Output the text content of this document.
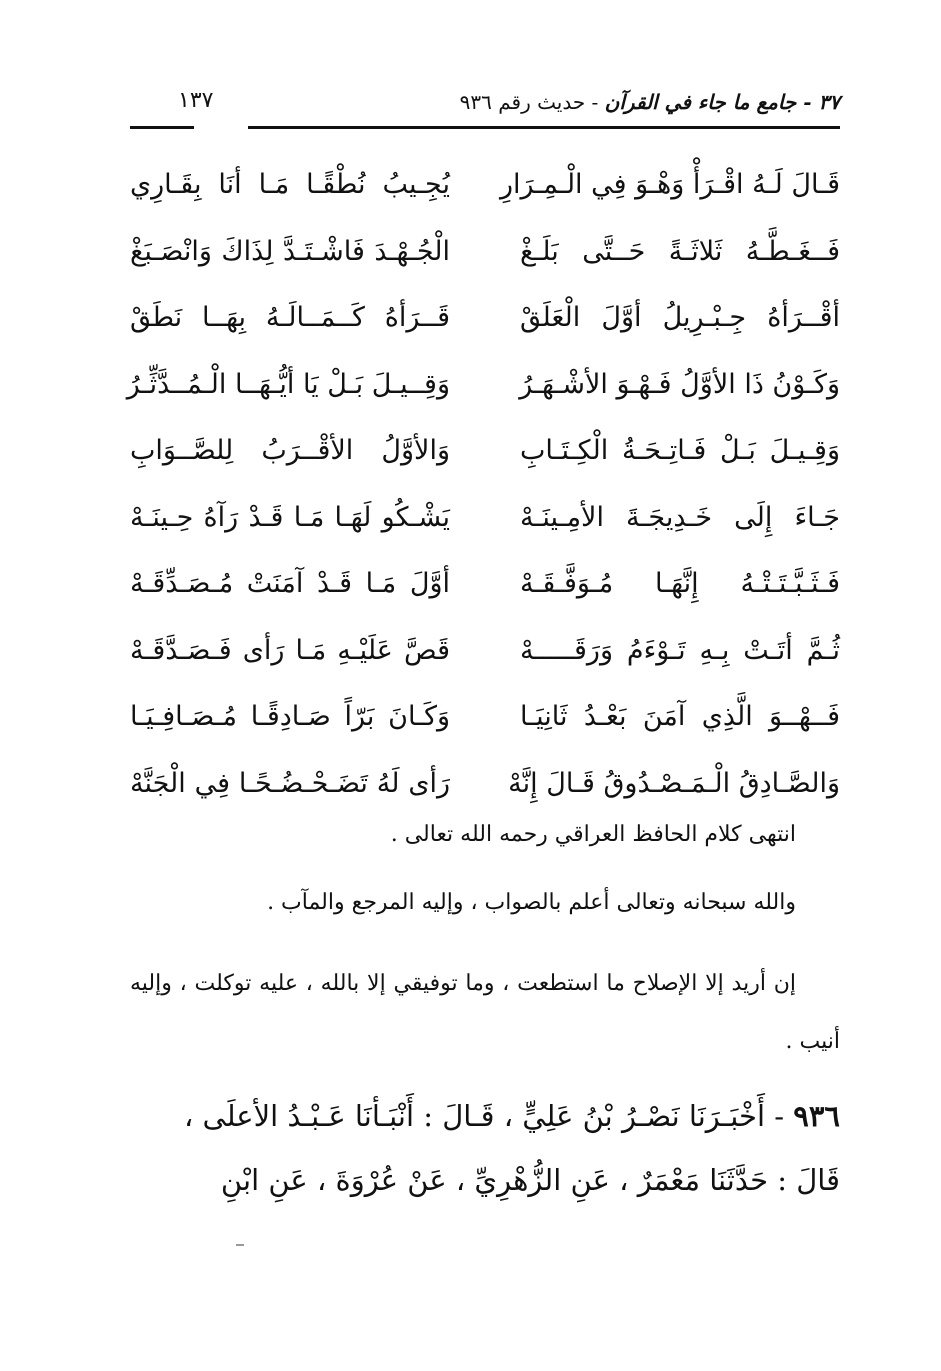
٣٧ - جامع ما جاء في القرآن - حديث رقم ٩٣٦
١٣٧
قَـالَ لَـهُ اقْـرَأْ وَهْـوَ فِي الْـمِـرَارِ
يُجِـيبُ نُطْقًـا مَـا أنَا بِقَـارِي
فَــغَـطَّـهُ ثَلاثَـةً حَــتَّى بَلَـغْ
الْجُـهْـدَ فَاشْـتَـدَّ لِذَاكَ وَانْصَـبَغْ
أقْــرَأهُ جِـبْـرِيلُ أوَّلَ الْعَلَقْ
قَــرَأهُ كَــمَــالَـهُ بِهَــا نَطَقْ
وَكَـوْنُ ذَا الأوَّلُ فَـهْـوَ الأشْـهَـرُ
وَقِــيـلَ بَـلْ يَا أيُّـهَــا الْـمُــدَّثِّـرُ
وَقِـيـلَ بَـلْ فَـاتِـحَـةُ الْكِـتَـابِ
وَالأوَّلُ الأقْــرَبُ لِلصَّــوَابِ
جَـاءَ إِلَى خَـدِيجَـةَ الأمِـينَـهْ
يَشْـكُو لَهَـا مَـا قَـدْ رَآهُ حِـينَـهْ
فَـثَـبَّـتَـتْـهُ إِنَّهَـا مُـوَفَّـقَـهْ
أوَّلَ مَـا قَـدْ آمَنَتْ مُـصَـدِّقَـهْ
ثُـمَّ أتَـتْ بِـهِ تَـوْءَمُ وَرَقَـــــهْ
قَصَّ عَلَيْـهِ مَـا رَأى فَـصَـدَّقَـهْ
فَــهْــوَ الَّذِي آمَنَ بَعْـدُ ثَانِيَـا
وَكَـانَ بَرّاً صَـادِقًـا مُـصَـافِـيَـا
وَالصَّـادِقُ الْـمَـصْـدُوقُ قَـالَ إِنَّهْ
رَأى لَهُ تَضَـحْـضُـحًـا فِي الْجَنَّهْ
انتهى كلام الحافظ العراقي رحمه الله تعالى .
والله سبحانه وتعالى أعلم بالصواب ، وإليه المرجع والمآب .
إن أريد إلا الإصلاح ما استطعت ، وما توفيقي إلا بالله ، عليه توكلت ، وإليه أنيب .
٩٣٦ - أَخْبَـرَنَا نَصْـرُ بْنُ عَلِيٍّ ، قَـالَ : أَنْبَـأنَا عَـبْـدُ الأعلَى ،
قَالَ : حَدَّثَنَا مَعْمَرٌ ، عَنِ الزُّهْرِيِّ ، عَنْ عُرْوَةَ ، عَنِ ابْنِ
